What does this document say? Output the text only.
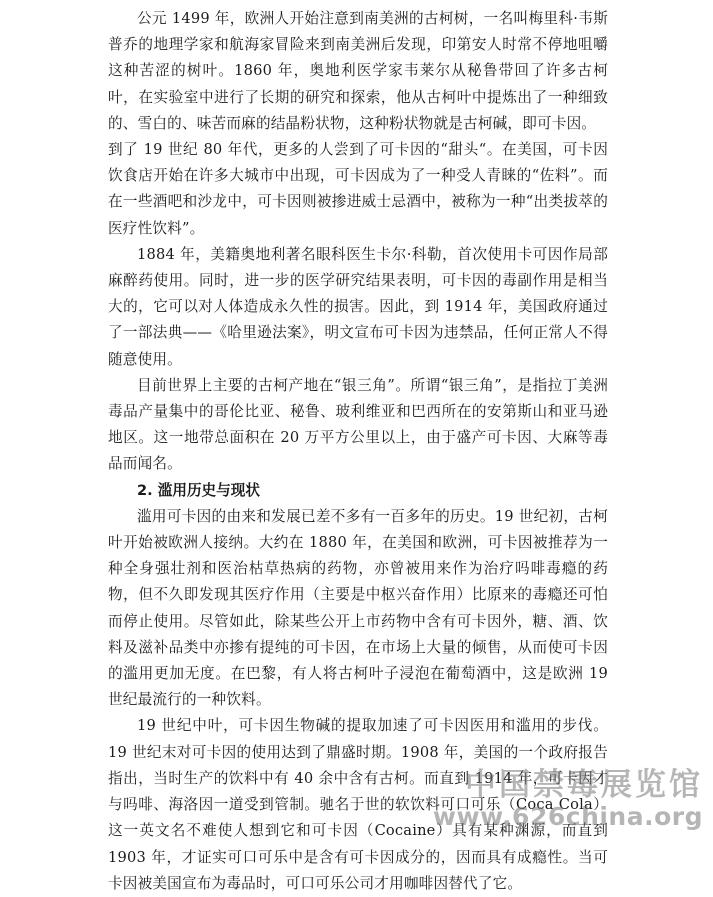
公元 1499 年，欧洲人开始注意到南美洲的古柯树，一名叫梅里科·韦斯普乔的地理学家和航海家冒险来到南美洲后发现，印第安人时常不停地咀嚼这种苦涩的树叶。1860 年，奥地利医学家韦莱尔从秘鲁带回了许多古柯叶，在实验室中进行了长期的研究和探索，他从古柯叶中提炼出了一种细致的、雪白的、味苦而麻的结晶粉状物，这种粉状物就是古柯碱，即可卡因。

到了 19 世纪 80 年代，更多的人尝到了可卡因的“甜头“。在美国，可卡因饮食店开始在许多大城市中出现，可卡因成为了一种受人青睐的“佐料”。而在一些酒吧和沙龙中，可卡因则被掺进威士忌酒中，被称为一种“出类拔萃的医疗性饮料”。

1884 年，美籍奥地利著名眼科医生卡尔·科勒，首次使用卡可因作局部麻醉药使用。同时，进一步的医学研究结果表明，可卡因的毒副作用是相当大的，它可以对人体造成永久性的损害。因此，到 1914 年，美国政府通过了一部法典——《哈里逊法案》，明文宣布可卡因为违禁品，任何正常人不得随意使用。

目前世界上主要的古柯产地在“银三角”。所谓“银三角”，是指拉丁美洲毒品产量集中的哥伦比亚、秘鲁、玻利维亚和巴西所在的安第斯山和亚马逊地区。这一地带总面积在 20 万平方公里以上，由于盛产可卡因、大麻等毒品而闻名。

2. 滥用历史与现状

滥用可卡因的由来和发展已差不多有一百多年的历史。19 世纪初，古柯叶开始被欧洲人接纳。大约在 1880 年，在美国和欧洲，可卡因被推荐为一种全身强壮剂和医治枯草热病的药物，亦曾被用来作为治疗吗啡毒瘾的药物，但不久即发现其医疗作用（主要是中枢兴奋作用）比原来的毒瘾还可怕而停止使用。尽管如此，除某些公开上市药物中含有可卡因外，糖、酒、饮料及滋补品类中亦掺有提纯的可卡因，在市场上大量的倾售，从而使可卡因的滥用更加无度。在巴黎，有人将古柯叶子浸泡在葡萄酒中，这是欧洲 19 世纪最流行的一种饮料。

19 世纪中叶，可卡因生物碱的提取加速了可卡因医用和滥用的步伐。19 世纪末对可卡因的使用达到了鼎盛时期。1908 年，美国的一个政府报告指出，当时生产的饮料中有 40 余中含有古柯。而直到 1914 年，可卡因才与吗啡、海洛因一道受到管制。驰名于世的软饮料可口可乐（Coca Cola）这一英文名不难使人想到它和可卡因（Cocaine）具有某种渊源，而直到 1903 年，才证实可口可乐中是含有可卡因成分的，因而具有成瘾性。当可卡因被美国宣布为毒品时，可口可乐公司才用咖啡因替代了它。

中国禁毒展览馆
www.626china.org
